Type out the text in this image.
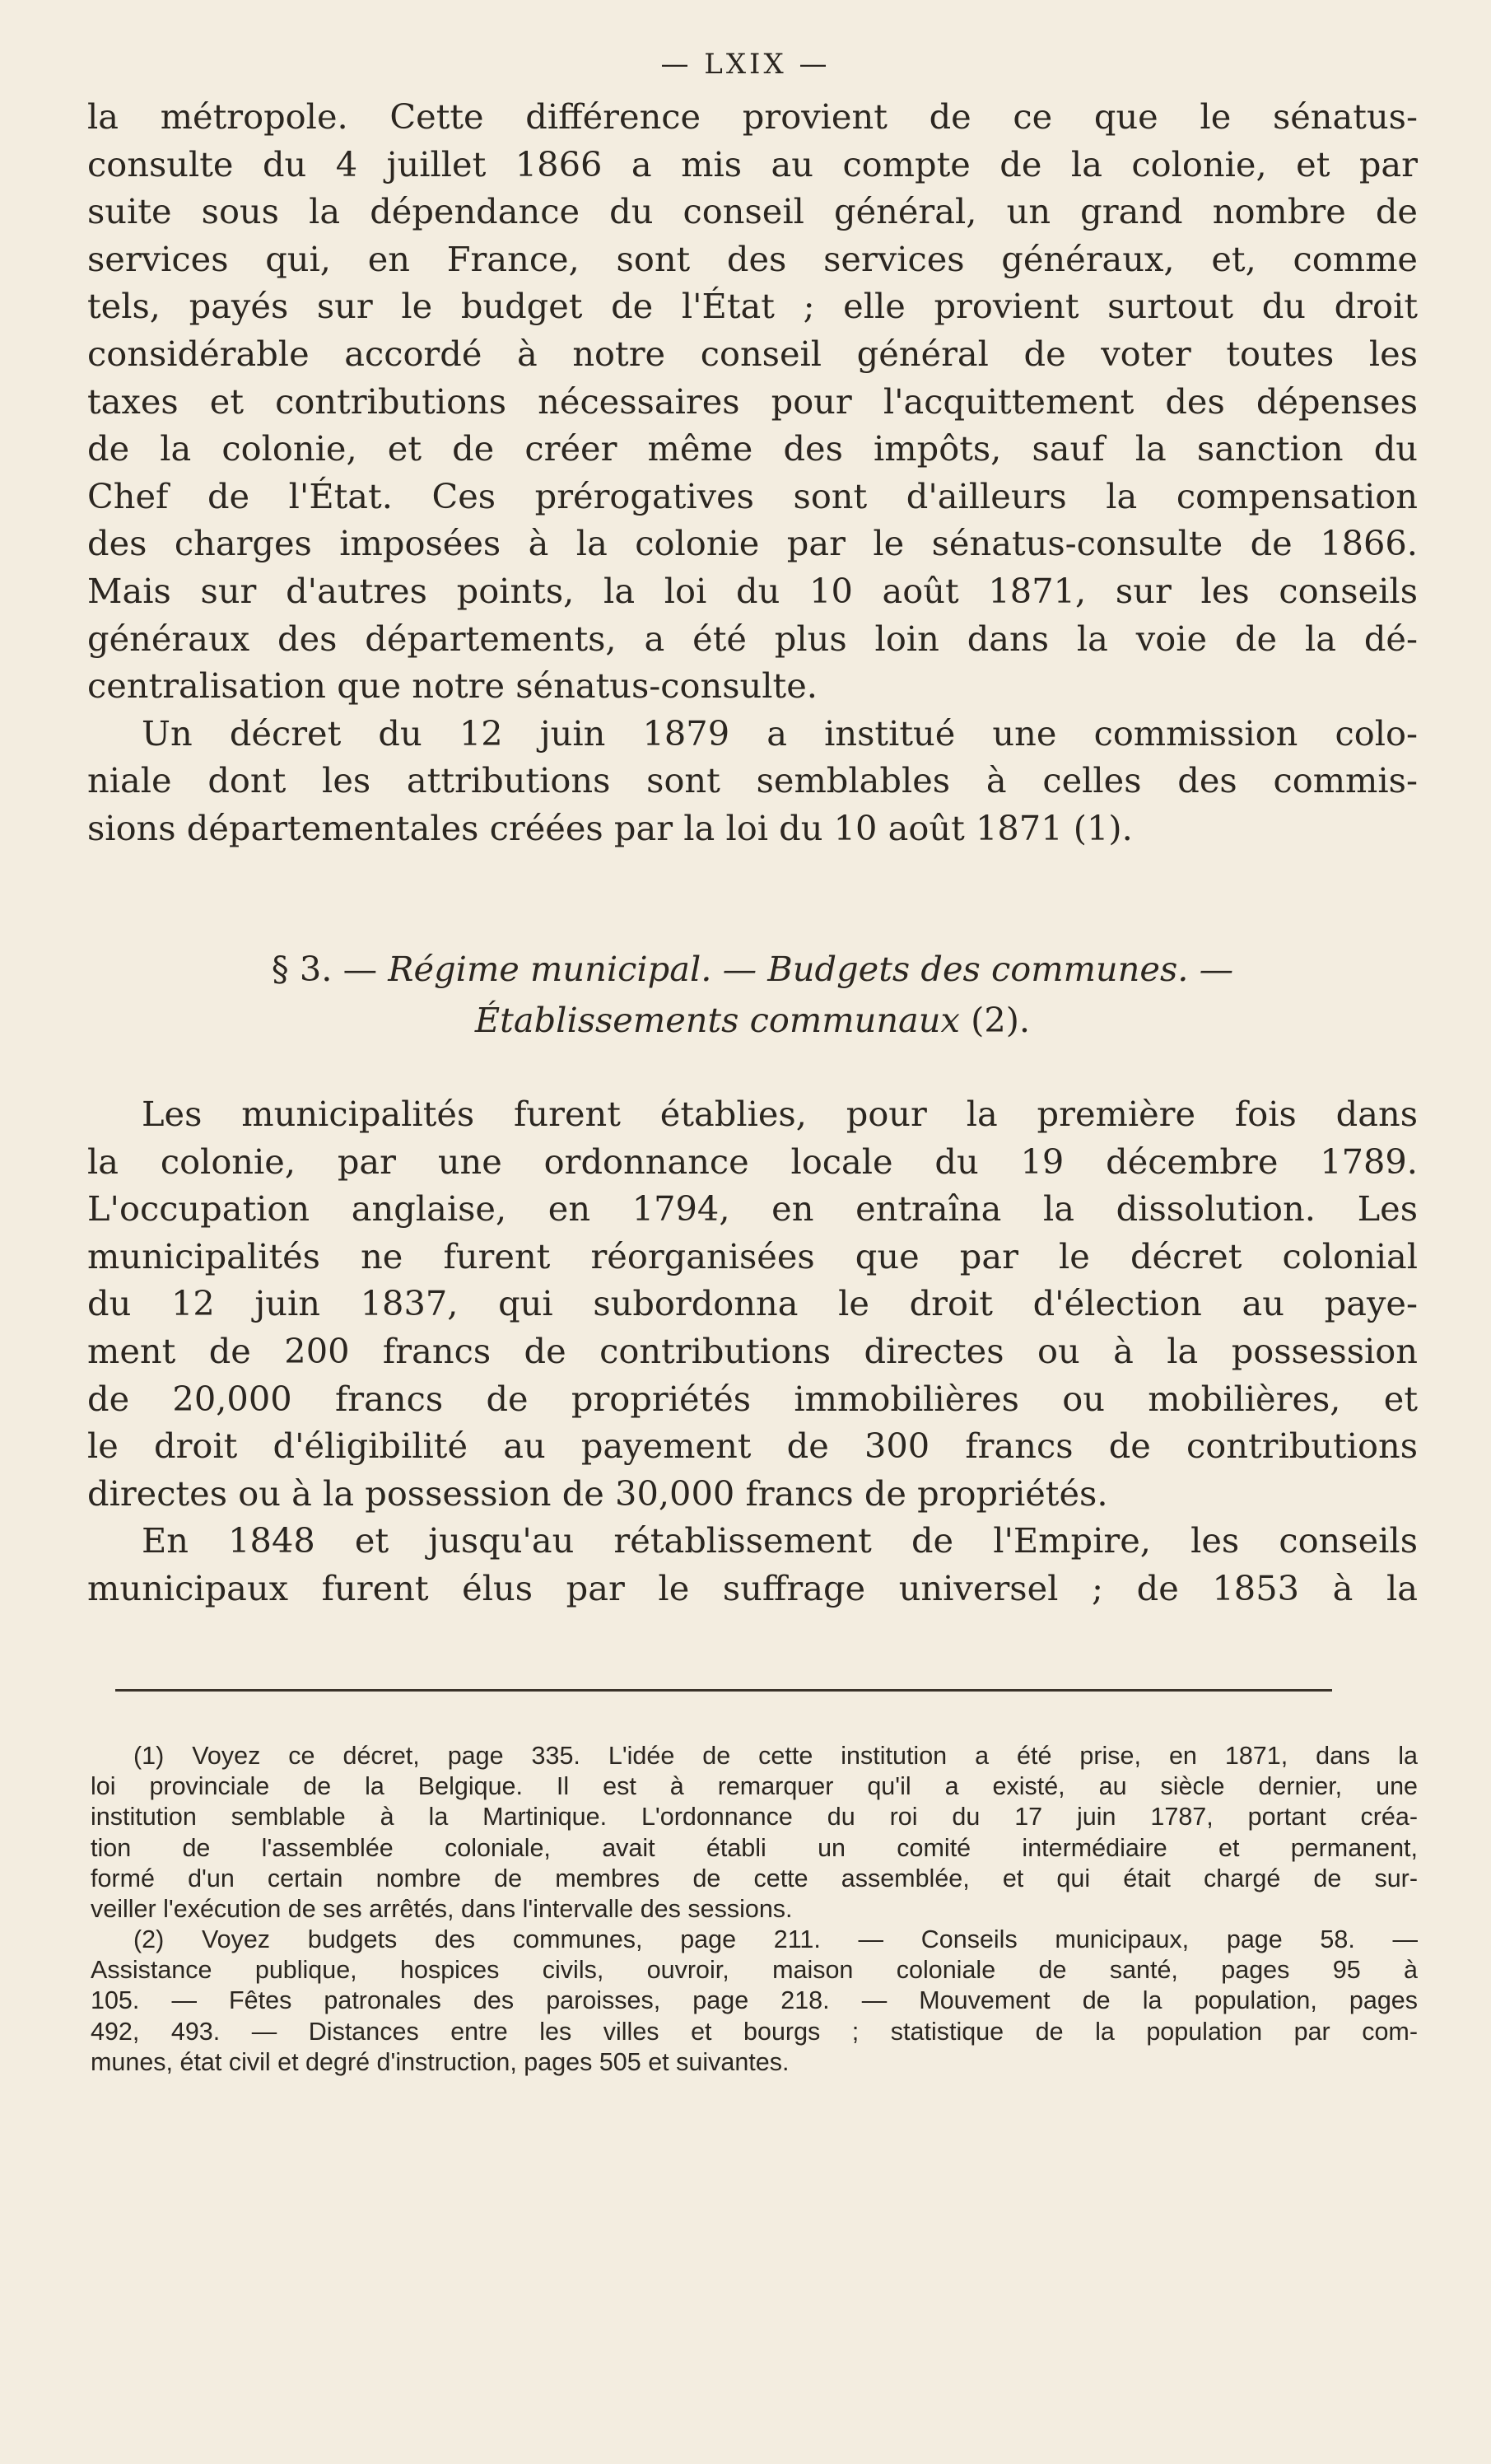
— LXIX —
la métropole. Cette différence provient de ce que le sénatus-
consulte du 4 juillet 1866 a mis au compte de la colonie, et par
suite sous la dépendance du conseil général, un grand nombre de
services qui, en France, sont des services généraux, et, comme
tels, payés sur le budget de l'État ; elle provient surtout du droit
considérable accordé à notre conseil général de voter toutes les
taxes et contributions nécessaires pour l'acquittement des dépenses
de la colonie, et de créer même des impôts, sauf la sanction du
Chef de l'État. Ces prérogatives sont d'ailleurs la compensation
des charges imposées à la colonie par le sénatus-consulte de 1866.
Mais sur d'autres points, la loi du 10 août 1871, sur les conseils
généraux des départements, a été plus loin dans la voie de la dé-
centralisation que notre sénatus-consulte.
Un décret du 12 juin 1879 a institué une commission colo-
niale dont les attributions sont semblables à celles des commis-
sions départementales créées par la loi du 10 août 1871 (1).
§ 3. — Régime municipal. — Budgets des communes. —
Établissements communaux (2).
Les municipalités furent établies, pour la première fois dans
la colonie, par une ordonnance locale du 19 décembre 1789.
L'occupation anglaise, en 1794, en entraîna la dissolution. Les
municipalités ne furent réorganisées que par le décret colonial
du 12 juin 1837, qui subordonna le droit d'élection au paye-
ment de 200 francs de contributions directes ou à la possession
de 20,000 francs de propriétés immobilières ou mobilières, et
le droit d'éligibilité au payement de 300 francs de contributions
directes ou à la possession de 30,000 francs de propriétés.
En 1848 et jusqu'au rétablissement de l'Empire, les conseils
municipaux furent élus par le suffrage universel ; de 1853 à la
(1) Voyez ce décret, page 335. L'idée de cette institution a été prise, en 1871, dans la
loi provinciale de la Belgique. Il est à remarquer qu'il a existé, au siècle dernier, une
institution semblable à la Martinique. L'ordonnance du roi du 17 juin 1787, portant créa-
tion de l'assemblée coloniale, avait établi un comité intermédiaire et permanent,
formé d'un certain nombre de membres de cette assemblée, et qui était chargé de sur-
veiller l'exécution de ses arrêtés, dans l'intervalle des sessions.
(2) Voyez budgets des communes, page 211. — Conseils municipaux, page 58. —
Assistance publique, hospices civils, ouvroir, maison coloniale de santé, pages 95 à
105. — Fêtes patronales des paroisses, page 218. — Mouvement de la population, pages
492, 493. — Distances entre les villes et bourgs ; statistique de la population par com-
munes, état civil et degré d'instruction, pages 505 et suivantes.
